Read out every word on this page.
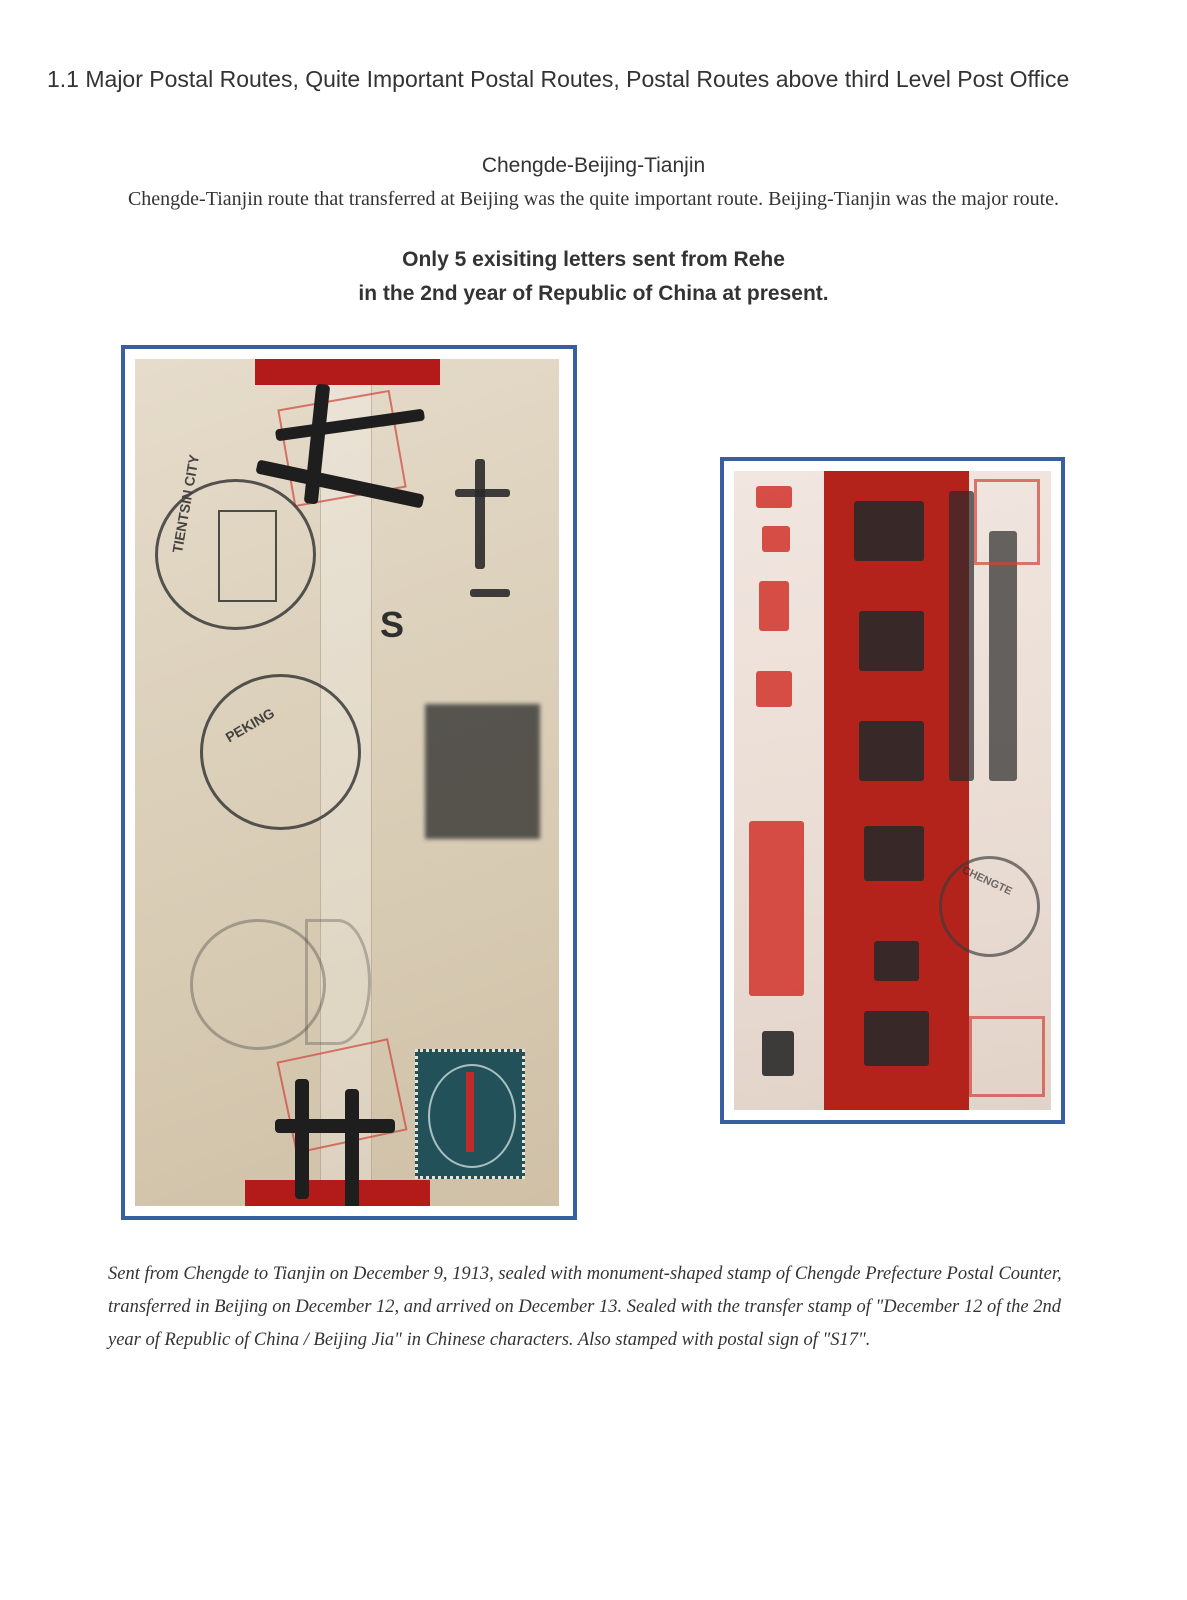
1.1 Major Postal Routes, Quite Important Postal Routes, Postal Routes above third Level Post Office
Chengde-Beijing-Tianjin
Chengde-Tianjin route that transferred at Beijing was the quite important route. Beijing-Tianjin was the major route.
Only 5 exisiting letters sent from Rehe
in the 2nd year of Republic of China at present.
TIENTSIN CITY
S
PEKING
CHENGTE
Sent from Chengde to Tianjin on December 9, 1913, sealed with monument-shaped stamp of Chengde Prefecture Postal Counter, transferred in Beijing on December 12, and arrived on December 13. Sealed with the transfer stamp of "December 12 of the 2nd year of Republic of China / Beijing Jia" in Chinese characters. Also stamped with postal sign of "S17".
